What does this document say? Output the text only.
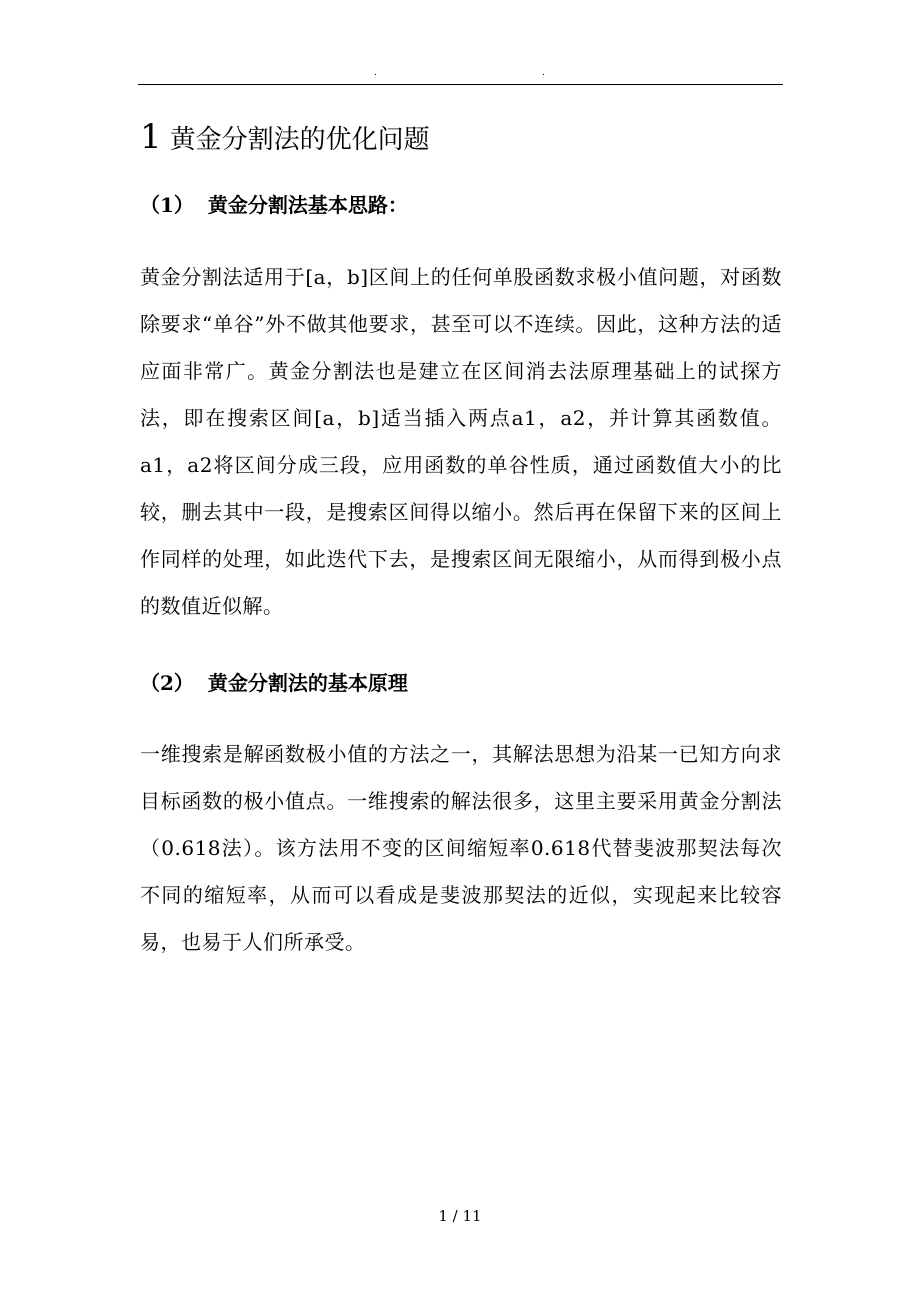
.	.
1 黄金分割法的优化问题
（1） 黄金分割法基本思路：
黄金分割法适用于[a，b]区间上的任何单股函数求极小值问题，对函数除要求“单谷”外不做其他要求，甚至可以不连续。因此，这种方法的适应面非常广。黄金分割法也是建立在区间消去法原理基础上的试探方法，即在搜索区间[a，b]适当插入两点a1，a2，并计算其函数值。a1，a2将区间分成三段，应用函数的单谷性质，通过函数值大小的比较，删去其中一段，是搜索区间得以缩小。然后再在保留下来的区间上作同样的处理，如此迭代下去，是搜索区间无限缩小，从而得到极小点的数值近似解。
（2） 黄金分割法的基本原理
一维搜索是解函数极小值的方法之一，其解法思想为沿某一已知方向求目标函数的极小值点。一维搜索的解法很多，这里主要采用黄金分割法（0.618法）。该方法用不变的区间缩短率0.618代替斐波那契法每次不同的缩短率，从而可以看成是斐波那契法的近似，实现起来比较容易，也易于人们所承受。
1 / 11
